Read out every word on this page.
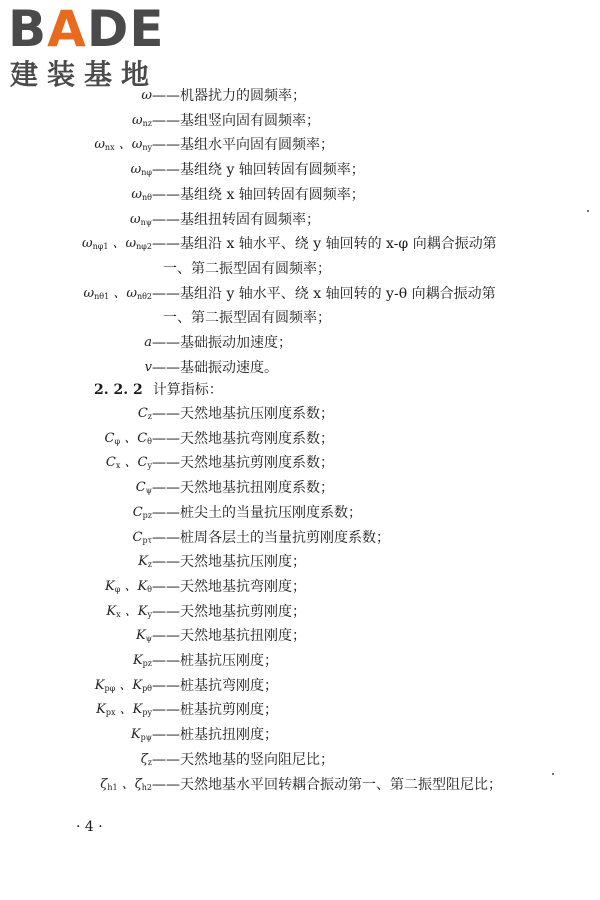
BADE
建装基地
ω ——机器扰力的圆频率；
$\omega_{nz}$ ——基组竖向固有圆频率；
$\omega_{nx}$ 、$\omega_{ny}$ ——基组水平向固有圆频率；
$\omega_{n\varphi}$ ——基组绕 y 轴回转固有圆频率；
$\omega_{n\theta}$ ——基组绕 x 轴回转固有圆频率；
$\omega_{n\psi}$ ——基组扭转固有圆频率；
$\omega_{n\varphi 1}$ 、$\omega_{n\varphi 2}$ ——基组沿 x 轴水平、绕 y 轴回转的 x-φ 向耦合振动第
一、第二振型固有圆频率；
$\omega_{n\theta 1}$ 、$\omega_{n\theta 2}$ ——基组沿 y 轴水平、绕 x 轴回转的 y-θ 向耦合振动第
一、第二振型固有圆频率；
a ——基础振动加速度；
v ——基础振动速度。
2. 2. 2 计算指标：
$C_z$ ——天然地基抗压刚度系数；
$C_\varphi$ 、$C_\theta$ ——天然地基抗弯刚度系数；
$C_x$ 、$C_y$ ——天然地基抗剪刚度系数；
$C_\psi$ ——天然地基抗扭刚度系数；
$C_{pz}$ ——桩尖土的当量抗压刚度系数；
$C_{p\tau}$ ——桩周各层土的当量抗剪刚度系数；
$K_z$ ——天然地基抗压刚度；
$K_\varphi$ 、$K_\theta$ ——天然地基抗弯刚度；
$K_x$ 、$K_y$ ——天然地基抗剪刚度；
$K_\psi$ ——天然地基抗扭刚度；
$K_{pz}$ ——桩基抗压刚度；
$K_{p\varphi}$ 、$K_{p\theta}$ ——桩基抗弯刚度；
$K_{px}$ 、$K_{py}$ ——桩基抗剪刚度；
$K_{p\psi}$ ——桩基抗扭刚度；
$\zeta_z$ ——天然地基的竖向阻尼比；
$\zeta_{h1}$ 、$\zeta_{h2}$ ——天然地基水平回转耦合振动第一、第二振型阻尼比；
· 4 ·
